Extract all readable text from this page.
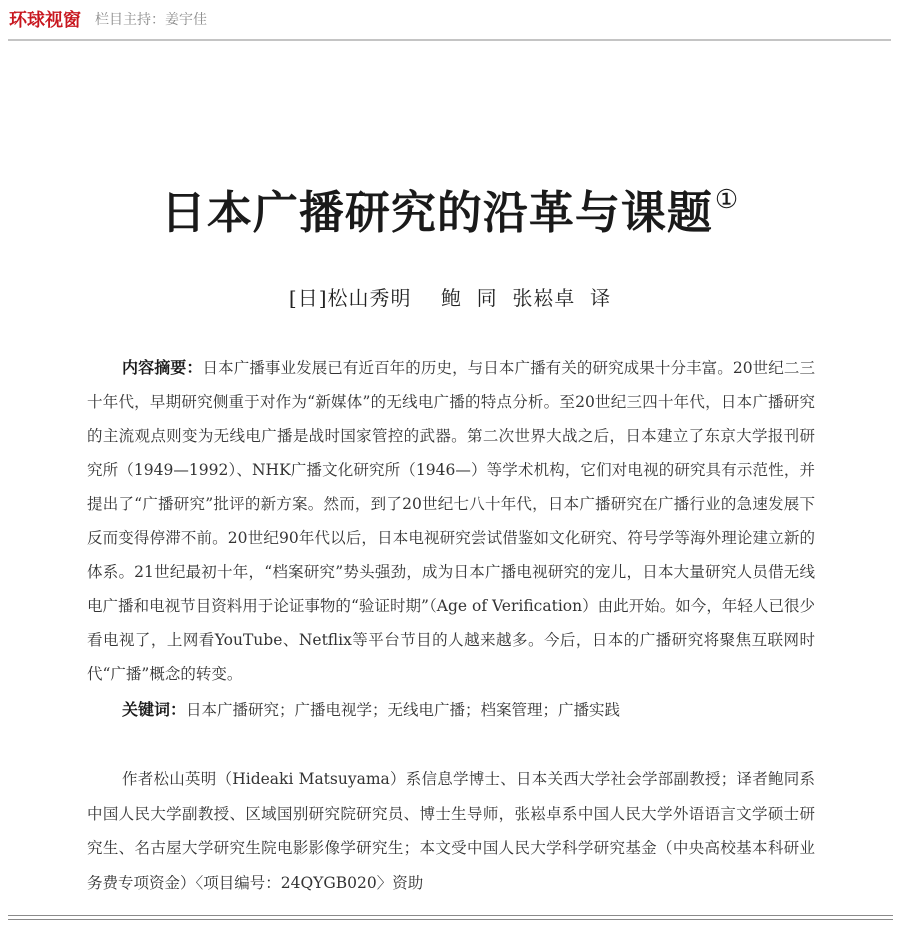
环球视窗 栏目主持：姜宇佳
日本广播研究的沿革与课题①
[日]松山秀明    鲍  同  张崧卓  译

内容摘要：日本广播事业发展已有近百年的历史，与日本广播有关的研究成果十分丰富。20世纪二三十年代，早期研究侧重于对作为“新媒体”的无线电广播的特点分析。至20世纪三四十年代，日本广播研究的主流观点则变为无线电广播是战时国家管控的武器。第二次世界大战之后，日本建立了东京大学报刊研究所（1949—1992）、NHK广播文化研究所（1946—）等学术机构，它们对电视的研究具有示范性，并提出了“广播研究”批评的新方案。然而，到了20世纪七八十年代，日本广播研究在广播行业的急速发展下反而变得停滞不前。20世纪90年代以后，日本电视研究尝试借鉴如文化研究、符号学等海外理论建立新的体系。21世纪最初十年，“档案研究”势头强劲，成为日本广播电视研究的宠儿，日本大量研究人员借无线电广播和电视节目资料用于论证事物的“验证时期”（Age of Verification）由此开始。如今，年轻人已很少看电视了，上网看YouTube、Netflix等平台节目的人越来越多。今后，日本的广播研究将聚焦互联网时代“广播”概念的转变。

关键词：日本广播研究；广播电视学；无线电广播；档案管理；广播实践

作者松山英明（Hideaki Matsuyama）系信息学博士、日本关西大学社会学部副教授；译者鲍同系中国人民大学副教授、区域国别研究院研究员、博士生导师，张崧卓系中国人民大学外语语言文学硕士研究生、名古屋大学研究生院电影影像学研究生；本文受中国人民大学科学研究基金（中央高校基本科研业务费专项资金）〈项目编号：24QYGB020〉资助
